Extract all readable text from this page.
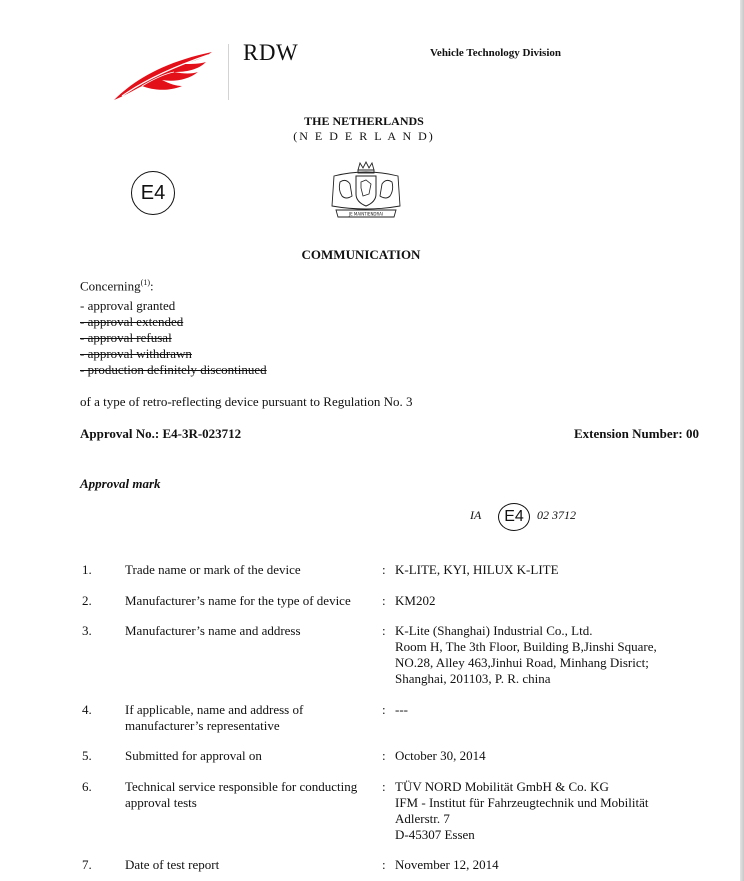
RDW	Vehicle Technology Division
THE NETHERLANDS
(N E D E R L A N D)
E4
JE MAINTIENDRAI
COMMUNICATION
Concerning$^{(1)}$:
- approval granted
- approval extended
- approval refusal
- approval withdrawn
- production definitely discontinued
of a type of retro-reflecting device pursuant to Regulation No. 3
Approval No.: E4-3R-023712	Extension Number: 00
Approval mark
IA E4 02 3712
1.	Trade name or mark of the device	: K-LITE, KYI, HILUX K-LITE
2.	Manufacturer’s name for the type of device : KM202
3.	Manufacturer’s name and address	: K-Lite (Shanghai) Industrial Co., Ltd.
Room H, The 3th Floor, Building B,Jinshi Square,
NO.28, Alley 463,Jinhui Road, Minhang Disrict;
Shanghai, 201103, P. R. china
4.	If applicable, name and address of
manufacturer’s representative
: ---
5.	Submitted for approval on	: October 30, 2014
6.	Technical service responsible for conducting
approval tests
: TÜV NORD Mobilität GmbH & Co. KG
IFM - Institut für Fahrzeugtechnik und Mobilität
Adlerstr. 7
D-45307 Essen
7.	Date of test report	: November 12, 2014
